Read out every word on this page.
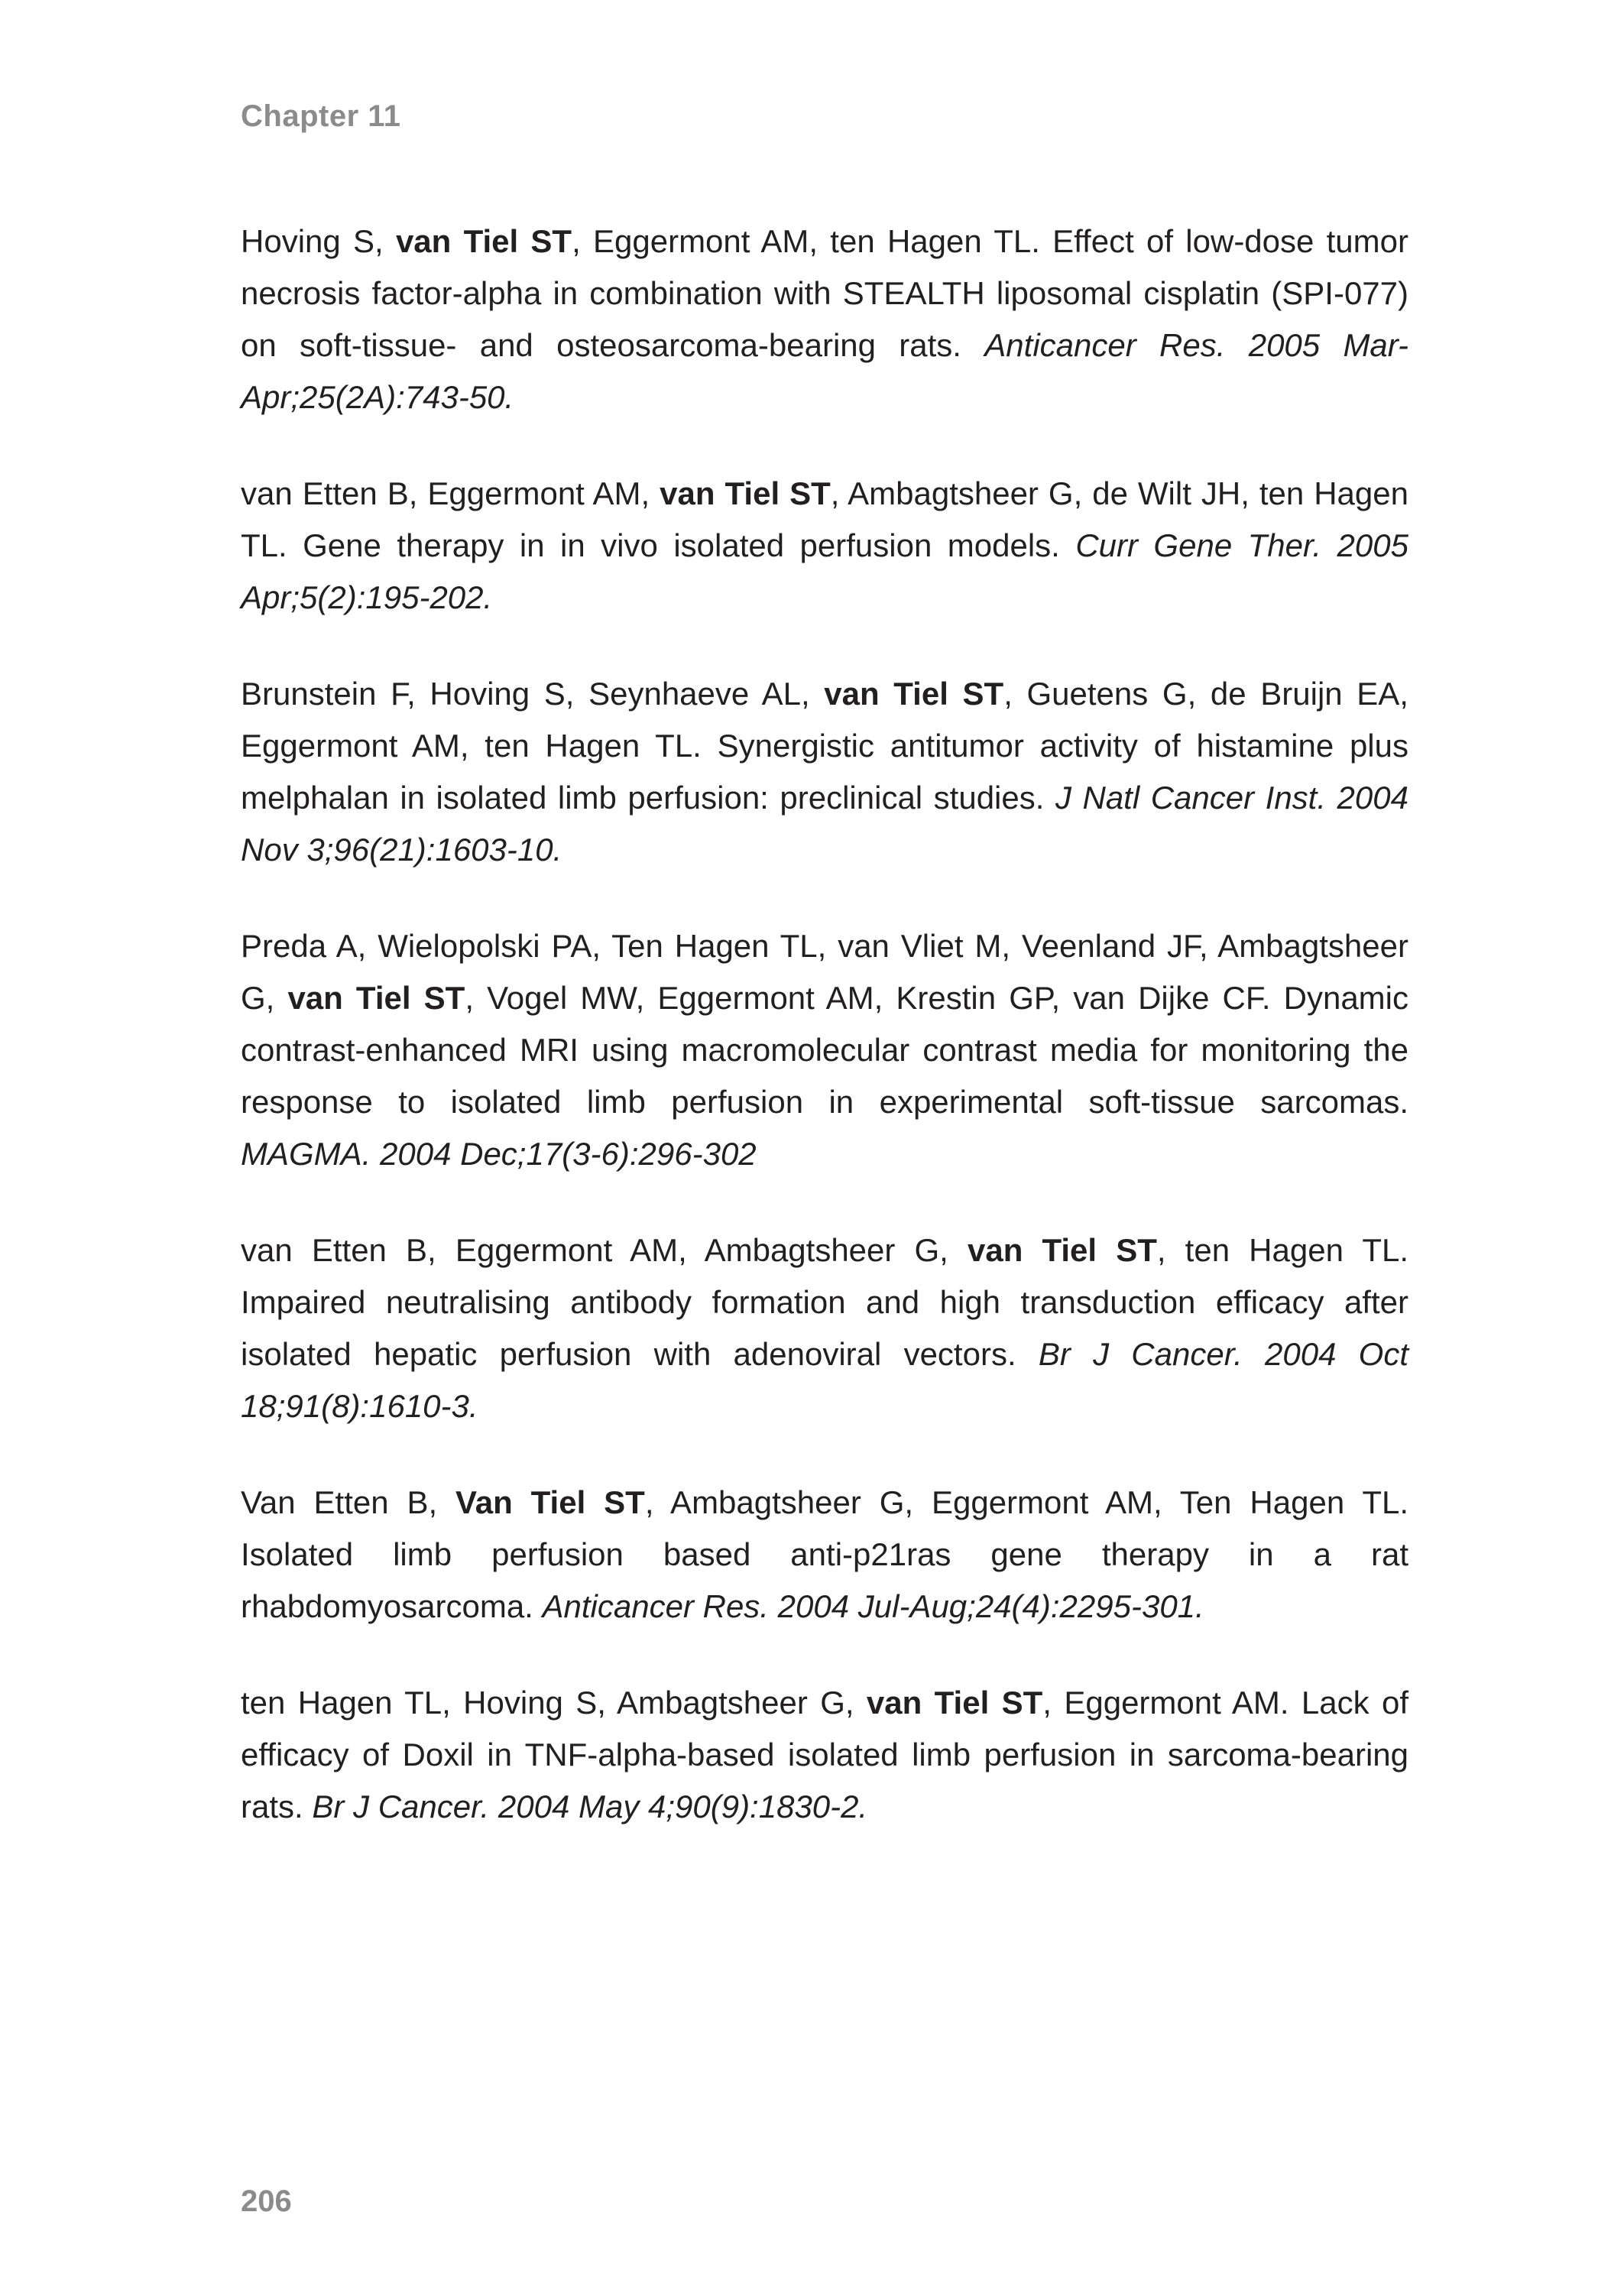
Chapter 11

Hoving S, van Tiel ST, Eggermont AM, ten Hagen TL. Effect of low-dose tumor necrosis factor-alpha in combination with STEALTH liposomal cisplatin (SPI-077) on soft-tissue- and osteosarcoma-bearing rats. Anticancer Res. 2005 Mar-Apr;25(2A):743-50.

van Etten B, Eggermont AM, van Tiel ST, Ambagtsheer G, de Wilt JH, ten Hagen TL. Gene therapy in in vivo isolated perfusion models. Curr Gene Ther. 2005 Apr;5(2):195-202.

Brunstein F, Hoving S, Seynhaeve AL, van Tiel ST, Guetens G, de Bruijn EA, Eggermont AM, ten Hagen TL. Synergistic antitumor activity of histamine plus melphalan in isolated limb perfusion: preclinical studies. J Natl Cancer Inst. 2004 Nov 3;96(21):1603-10.

Preda A, Wielopolski PA, Ten Hagen TL, van Vliet M, Veenland JF, Ambagtsheer G, van Tiel ST, Vogel MW, Eggermont AM, Krestin GP, van Dijke CF. Dynamic contrast-enhanced MRI using macromolecular contrast media for monitoring the response to isolated limb perfusion in experimental soft-tissue sarcomas. MAGMA. 2004 Dec;17(3-6):296-302

van Etten B, Eggermont AM, Ambagtsheer G, van Tiel ST, ten Hagen TL. Impaired neutralising antibody formation and high transduction efficacy after isolated hepatic perfusion with adenoviral vectors. Br J Cancer. 2004 Oct 18;91(8):1610-3.

Van Etten B, Van Tiel ST, Ambagtsheer G, Eggermont AM, Ten Hagen TL. Isolated limb perfusion based anti-p21ras gene therapy in a rat rhabdomyosarcoma. Anticancer Res. 2004 Jul-Aug;24(4):2295-301.

ten Hagen TL, Hoving S, Ambagtsheer G, van Tiel ST, Eggermont AM. Lack of efficacy of Doxil in TNF-alpha-based isolated limb perfusion in sarcoma-bearing rats. Br J Cancer. 2004 May 4;90(9):1830-2.

206
